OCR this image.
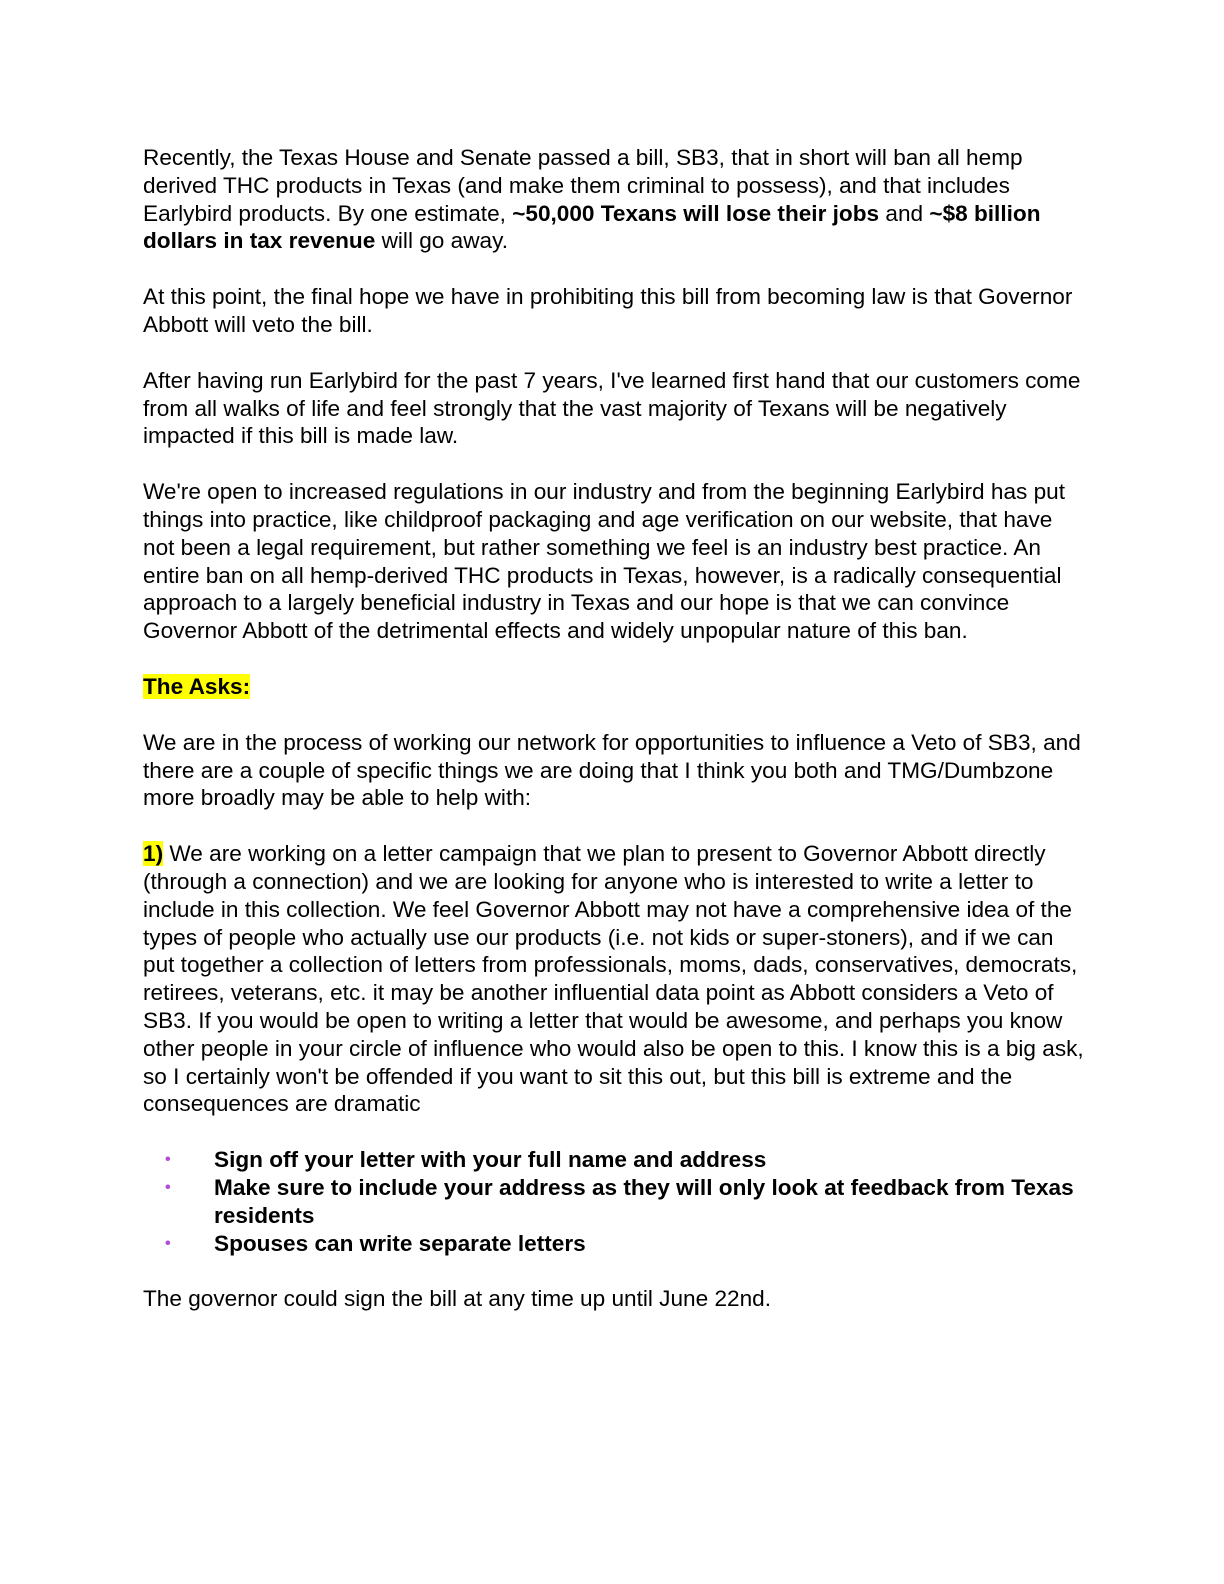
Recently, the Texas House and Senate passed a bill, SB3, that in short will ban all hemp derived THC products in Texas (and make them criminal to possess), and that includes Earlybird products. By one estimate, ~50,000 Texans will lose their jobs and ~$8 billion dollars in tax revenue will go away.

At this point, the final hope we have in prohibiting this bill from becoming law is that Governor Abbott will veto the bill.

After having run Earlybird for the past 7 years, I've learned first hand that our customers come from all walks of life and feel strongly that the vast majority of Texans will be negatively impacted if this bill is made law.

We're open to increased regulations in our industry and from the beginning Earlybird has put things into practice, like childproof packaging and age verification on our website, that have not been a legal requirement, but rather something we feel is an industry best practice. An entire ban on all hemp-derived THC products in Texas, however, is a radically consequential approach to a largely beneficial industry in Texas and our hope is that we can convince Governor Abbott of the detrimental effects and widely unpopular nature of this ban.

The Asks:

We are in the process of working our network for opportunities to influence a Veto of SB3, and there are a couple of specific things we are doing that I think you both and TMG/Dumbzone more broadly may be able to help with:

1) We are working on a letter campaign that we plan to present to Governor Abbott directly (through a connection) and we are looking for anyone who is interested to write a letter to include in this collection. We feel Governor Abbott may not have a comprehensive idea of the types of people who actually use our products (i.e. not kids or super-stoners), and if we can put together a collection of letters from professionals, moms, dads, conservatives, democrats, retirees, veterans, etc. it may be another influential data point as Abbott considers a Veto of SB3. If you would be open to writing a letter that would be awesome, and perhaps you know other people in your circle of influence who would also be open to this. I know this is a big ask, so I certainly won't be offended if you want to sit this out, but this bill is extreme and the consequences are dramatic

• Sign off your letter with your full name and address
• Make sure to include your address as they will only look at feedback from Texas residents
• Spouses can write separate letters

The governor could sign the bill at any time up until June 22nd.
